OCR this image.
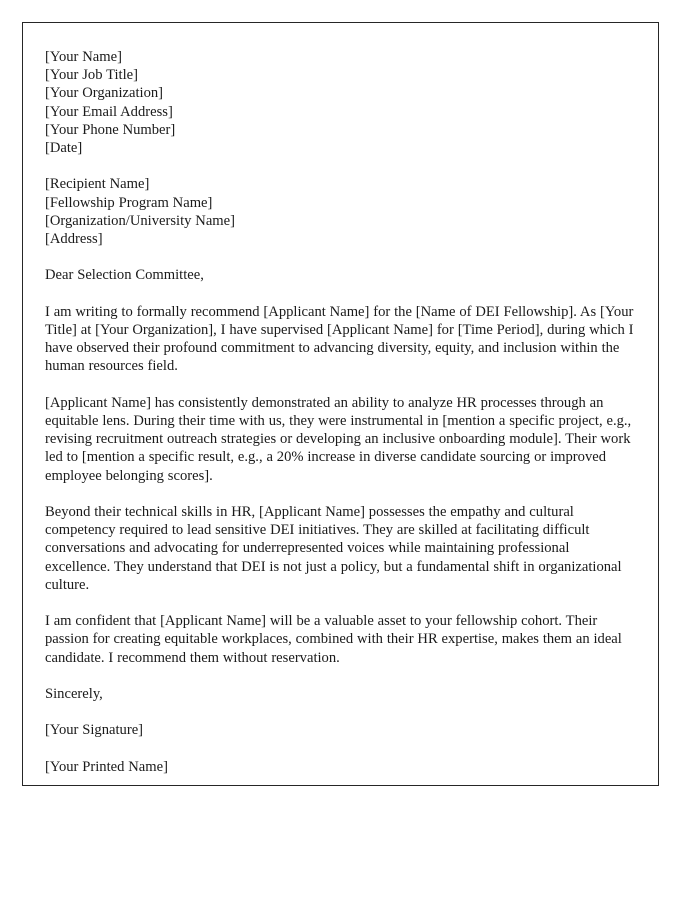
[Your Name]
[Your Job Title]
[Your Organization]
[Your Email Address]
[Your Phone Number]
[Date]
[Recipient Name]
[Fellowship Program Name]
[Organization/University Name]
[Address]

Dear Selection Committee,

I am writing to formally recommend [Applicant Name] for the [Name of DEI Fellowship]. As [Your Title] at [Your Organization], I have supervised [Applicant Name] for [Time Period], during which I have observed their profound commitment to advancing diversity, equity, and inclusion within the human resources field.

[Applicant Name] has consistently demonstrated an ability to analyze HR processes through an equitable lens. During their time with us, they were instrumental in [mention a specific project, e.g., revising recruitment outreach strategies or developing an inclusive onboarding module]. Their work led to [mention a specific result, e.g., a 20% increase in diverse candidate sourcing or improved employee belonging scores].

Beyond their technical skills in HR, [Applicant Name] possesses the empathy and cultural competency required to lead sensitive DEI initiatives. They are skilled at facilitating difficult conversations and advocating for underrepresented voices while maintaining professional excellence. They understand that DEI is not just a policy, but a fundamental shift in organizational culture.

I am confident that [Applicant Name] will be a valuable asset to your fellowship cohort. Their passion for creating equitable workplaces, combined with their HR expertise, makes them an ideal candidate. I recommend them without reservation.

Sincerely,

[Your Signature]

[Your Printed Name]
